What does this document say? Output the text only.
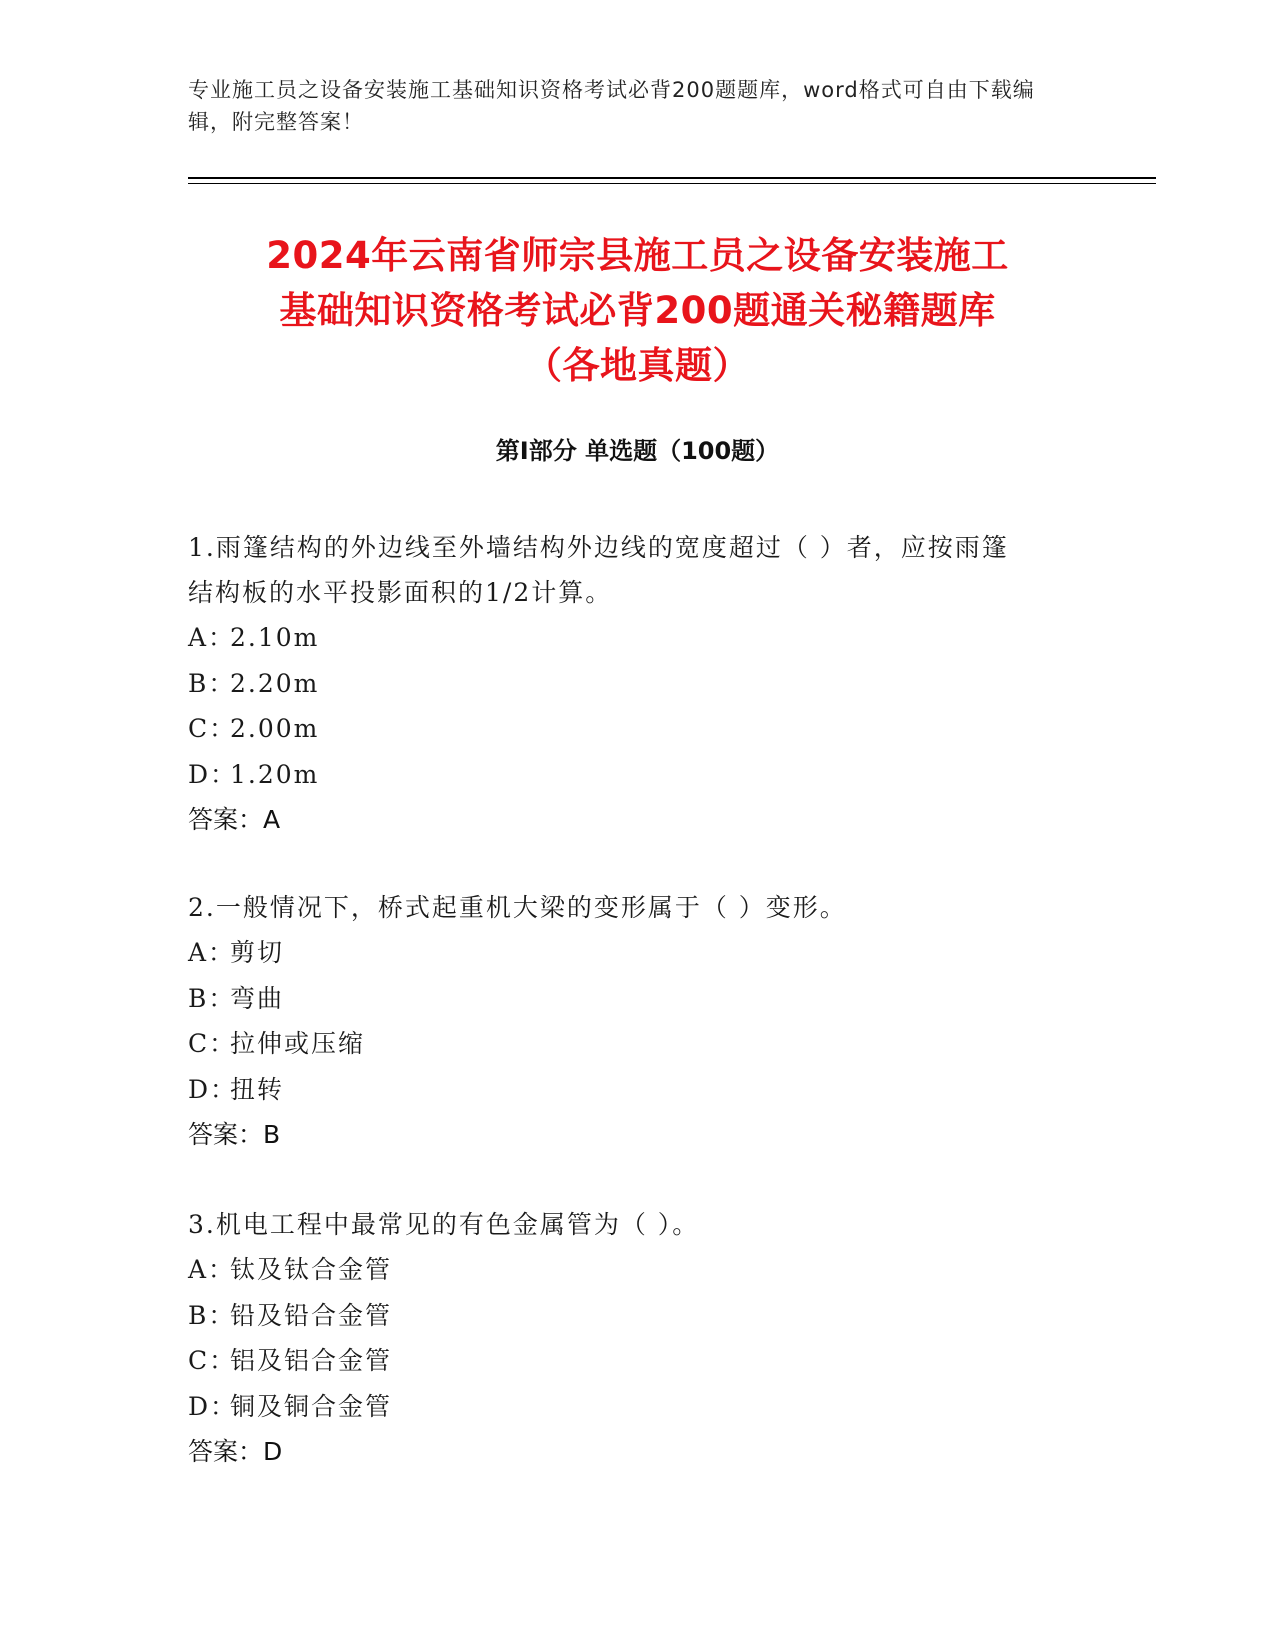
专业施工员之设备安装施工基础知识资格考试必背200题题库，word格式可自由下载编辑，附完整答案！
2024年云南省师宗县施工员之设备安装施工
基础知识资格考试必背200题通关秘籍题库
（各地真题）
第Ⅰ部分 单选题（100题）

1.雨篷结构的外边线至外墙结构外边线的宽度超过（ ）者，应按雨篷

结构板的水平投影面积的1/2计算。

A：2.10m

B：2.20m

C：2.00m

D：1.20m

答案：A

2.一般情况下，桥式起重机大梁的变形属于（ ）变形。

A：剪切

B：弯曲

C：拉伸或压缩

D：扭转

答案：B

3.机电工程中最常见的有色金属管为（ ）。

A：钛及钛合金管

B：铅及铅合金管

C：铝及铝合金管

D：铜及铜合金管

答案：D
